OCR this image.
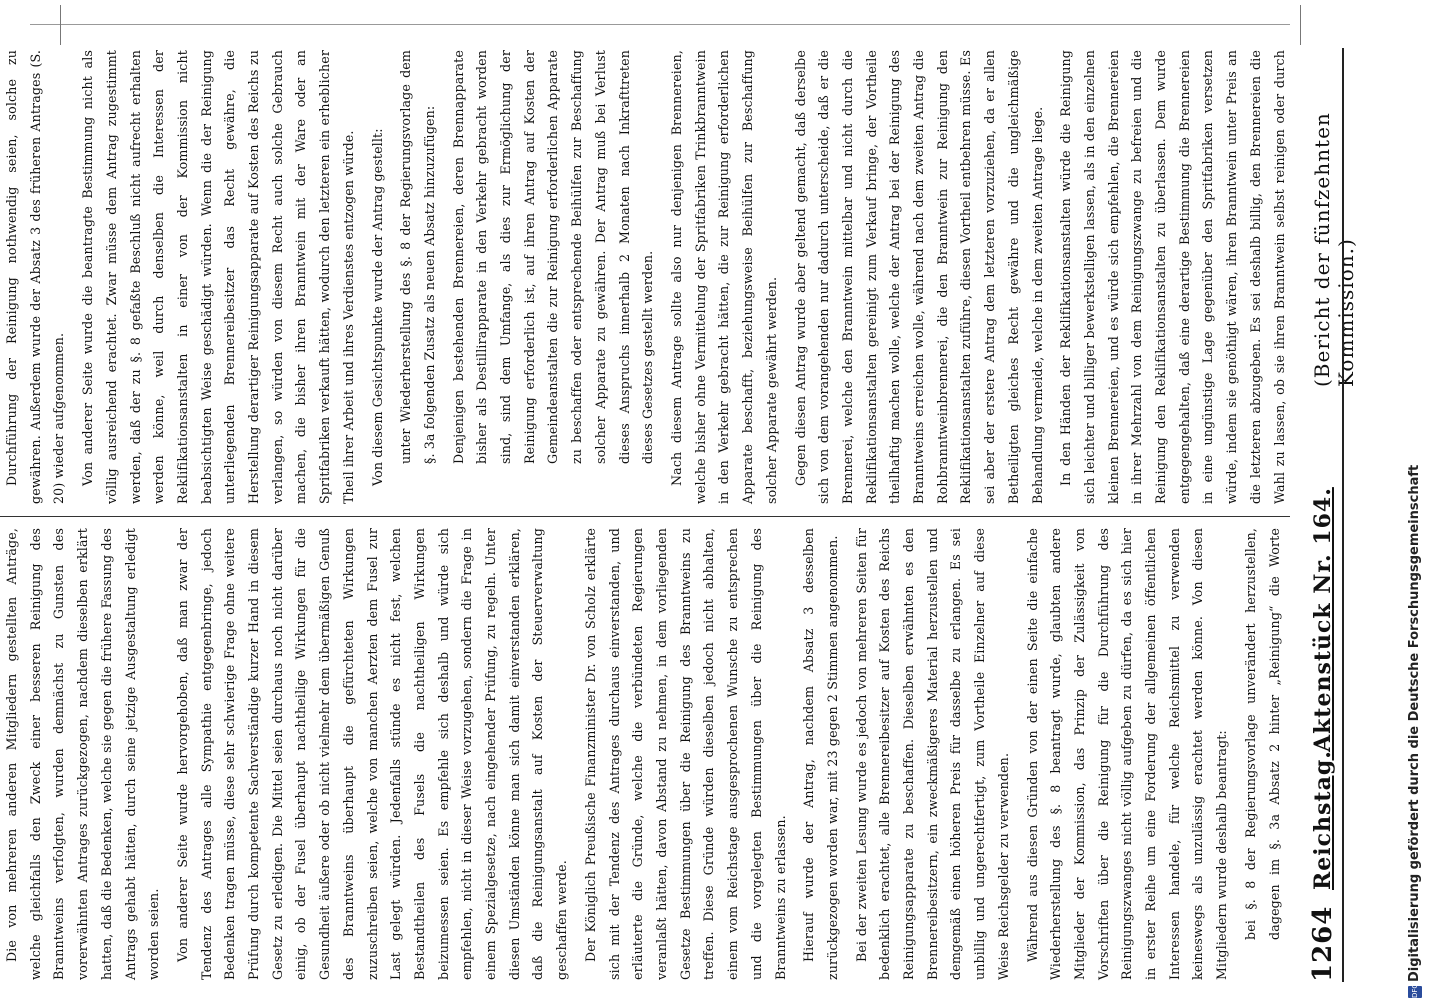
1264
Reichstag.
Aktenstück Nr. 164.
(Bericht der fünfzehnten Kommission.)

Die von mehreren anderen Mitgliedern gestellten Anträge, welche gleichfalls den Zweck einer besseren Reinigung des Branntweins verfolgten, wurden demnächst zu Gunsten des vorerwähnten Antrages zurückgezogen, nachdem dieselben erklärt hatten, daß die Bedenken, welche sie gegen die frühere Fassung des Antrags gehabt hätten, durch seine jetzige Ausgestaltung erledigt worden seien.	Von anderer Seite wurde hervorgehoben, daß man zwar der Tendenz des Antrages alle Sympathie entgegenbringe, jedoch Bedenken tragen müsse, diese sehr schwierige Frage ohne weitere Prüfung durch kompetente Sachverständige kurzer Hand in diesem Gesetz zu erledigen. Die Mittel seien durchaus noch nicht darüber einig, ob der Fusel überhaupt nachtheilige Wirkungen für die Gesundheit äußere oder ob nicht vielmehr dem übermäßigen Genuß des Branntweins überhaupt die gefürchteten Wirkungen zuzuschreiben seien, welche von manchen Aerzten dem Fusel zur Last gelegt würden. Jedenfalls stünde es nicht fest, welchen Bestandtheilen des Fusels die nachtheiligen Wirkungen beizumessen seien. Es empfehle sich deshalb und würde sich empfehlen, nicht in dieser Weise vorzugehen, sondern die Frage in einem Spezialgesetze, nach eingehender Prüfung, zu regeln. Unter diesen Umständen könne man sich damit einverstanden erklären, daß die Reinigungsanstalt auf Kosten der Steuerverwaltung geschaffen werde.	Der Königlich Preußische Finanzminister Dr. von Scholz erklärte sich mit der Tendenz des Antrages durchaus einverstanden, und erläuterte die Gründe, welche die verbündeten Regierungen veranlaßt hätten, davon Abstand zu nehmen, in dem vorliegenden Gesetze Bestimmungen über die Reinigung des Branntweins zu treffen. Diese Gründe würden dieselben jedoch nicht abhalten, einem vom Reichstage ausgesprochenen Wunsche zu entsprechen und die vorgelegten Bestimmungen über die Reinigung des Branntweins zu erlassen.	Hierauf wurde der Antrag, nachdem Absatz 3 desselben zurückgezogen worden war, mit 23 gegen 2 Stimmen angenommen.	Bei der zweiten Lesung wurde es jedoch von mehreren Seiten für bedenklich erachtet, alle Brennereibesitzer auf Kosten des Reichs Reinigungsapparate zu beschaffen. Dieselben erwähnten es den Brennereibesitzern, ein zweckmäßigeres Material herzustellen und demgemäß einen höheren Preis für dasselbe zu erlangen. Es sei unbillig und ungerechtfertigt, zum Vortheile Einzelner auf diese Weise Reichsgelder zu verwenden.	Während aus diesen Gründen von der einen Seite die einfache Wiederherstellung des §. 8 beantragt wurde, glaubten andere Mitglieder der Kommission, das Prinzip der Zulässigkeit von Vorschriften über die Reinigung für die Durchführung des Reinigungszwanges nicht völlig aufgeben zu dürfen, da es sich hier in erster Reihe um eine Forderung der allgemeinen öffentlichen Interessen handele, für welche Reichsmittel zu verwenden keineswegs als unzulässig erachtet werden könne. Von diesen Mitgliedern wurde deshalb beantragt:	bei §. 8 der Regierungsvorlage unverändert herzustellen, dagegen im §. 3a Absatz 2 hinter „Reinigung“ die Worte

Durchführung der Reinigung nothwendig seien, solche zu gewähren. Außerdem wurde der Absatz 3 des früheren Antrages (S. 20) wieder aufgenommen.	Von anderer Seite wurde die beantragte Bestimmung nicht als völlig ausreichend erachtet. Zwar müsse dem Antrag zugestimmt werden, daß der zu §. 8 gefaßte Beschluß nicht aufrecht erhalten werden könne, weil durch denselben die Interessen der Reklifikationsanstalten in einer von der Kommission nicht beabsichtigten Weise geschädigt würden. Wenn die der Reinigung unterliegenden Brennereibesitzer das Recht gewähre, die Herstellung derartiger Reinigungsapparate auf Kosten des Reichs zu verlangen, so würden von diesem Recht auch solche Gebrauch machen, die bisher ihren Branntwein mit der Ware oder an Spritfabriken verkauft hätten, wodurch den letzteren ein erheblicher Theil ihrer Arbeit und ihres Verdienstes entzogen würde.	Von diesem Gesichtspunkte wurde der Antrag gestellt:	unter Wiederherstellung des §. 8 der Regierungsvorlage dem §. 3a folgenden Zusatz als neuen Absatz hinzuzufügen:	Denjenigen bestehenden Brennereien, deren Brennapparate bisher als Destillirapparate in den Verkehr gebracht worden sind, sind dem Umfange, als dies zur Ermöglichung der Reinigung erforderlich ist, auf ihren Antrag auf Kosten der Gemeindeanstalten die zur Reinigung erforderlichen Apparate zu beschaffen oder entsprechende Beihülfen zur Beschaffung solcher Apparate zu gewähren. Der Antrag muß bei Verlust dieses Anspruchs innerhalb 2 Monaten nach Inkrafttreten dieses Gesetzes gestellt werden.	Nach diesem Antrage sollte also nur denjenigen Brennereien, welche bisher ohne Vermittelung der Spritfabriken Trinkbranntwein in den Verkehr gebracht hätten, die zur Reinigung erforderlichen Apparate beschafft, beziehungsweise Beihülfen zur Beschaffung solcher Apparate gewährt werden.	Gegen diesen Antrag wurde aber geltend gemacht, daß derselbe sich von dem vorangehenden nur dadurch unterscheide, daß er die Brennerei, welche den Branntwein mittelbar und nicht durch die Reklifikationsanstalten gereinigt zum Verkauf bringe, der Vortheile theilhaftig machen wolle, welche der Antrag bei der Reinigung des Branntweins erreichen wolle, während nach dem zweiten Antrag die Rohbranntweinbrennerei, die den Branntwein zur Reinigung den Reklifikationsanstalten zuführe, diesen Vortheil entbehren müsse. Es sei aber der erstere Antrag dem letzteren vorzuziehen, da er allen Betheiligten gleiches Recht gewähre und die ungleichmäßige Behandlung vermeide, welche in dem zweiten Antrage liege.	In den Händen der Reklifikationsanstalten würde die Reinigung sich leichter und billiger bewerkstelligen lassen, als in den einzelnen kleinen Brennereien, und es würde sich empfehlen, die Brennereien in ihrer Mehrzahl von dem Reinigungszwange zu befreien und die Reinigung den Reklifikationsanstalten zu überlassen. Dem wurde entgegengehalten, daß eine derartige Bestimmung die Brennereien in eine ungünstige Lage gegenüber den Spritfabriken versetzen würde, indem sie genöthigt wären, ihren Branntwein unter Preis an die letzteren abzugeben. Es sei deshalb billig, den Brennereien die Wahl zu lassen, ob sie ihren Branntwein selbst reinigen oder durch

DFG
Digitalisierung gefördert durch die Deutsche Forschungsgemeinschaft
